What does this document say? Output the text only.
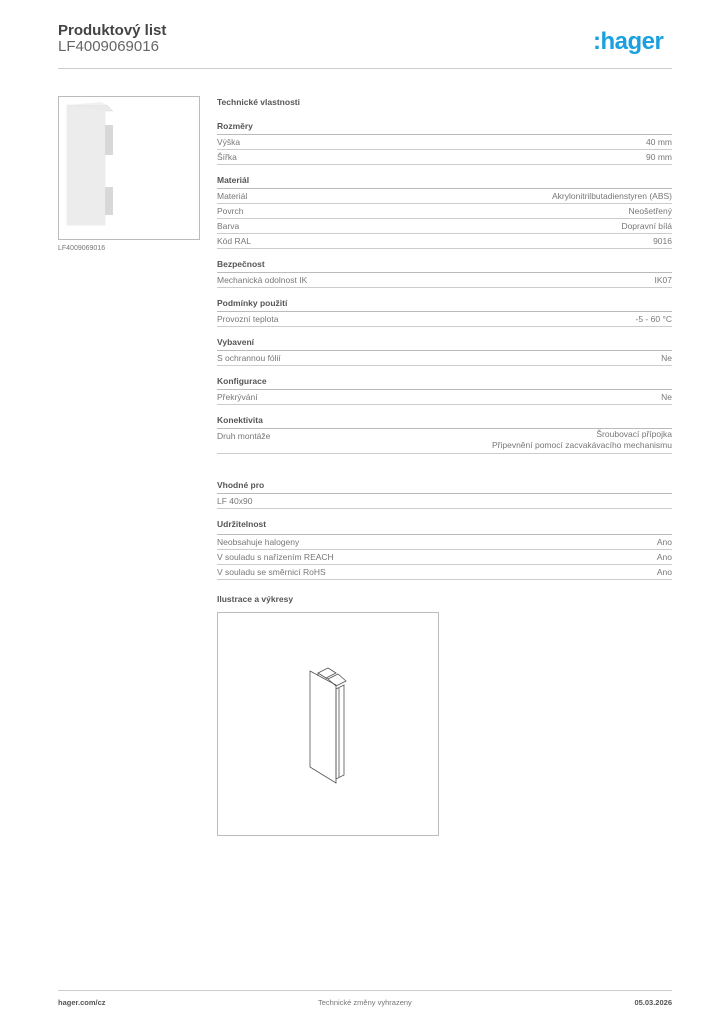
Produktový list
LF4009069016	:hager
LF4009069016
Technické vlastnosti
Rozměry
Výška	40 mm
Šířka	90 mm
Materiál
Materiál	Akrylonitrilbutadienstyren (ABS)
Povrch	Neošetřený
Barva	Dopravní bílá
Kód RAL	9016
Bezpečnost
Mechanická odolnost IK	IK07
Podmínky použití
Provozní teplota	-5 - 60 °C
Vybavení
S ochrannou fólií	Ne
Konfigurace
Překrývání	Ne
Konektivita
Druh montáže	Šroubovací přípojka
Připevnění pomocí zacvakávacího mechanismu
Vhodné pro
LF 40x90
Udržitelnost
Neobsahuje halogeny	Ano
V souladu s nařízením REACH	Ano
V souladu se směrnicí RoHS	Ano
Ilustrace a výkresy
hager.com/cz	Technické změny vyhrazeny	05.03.2026
